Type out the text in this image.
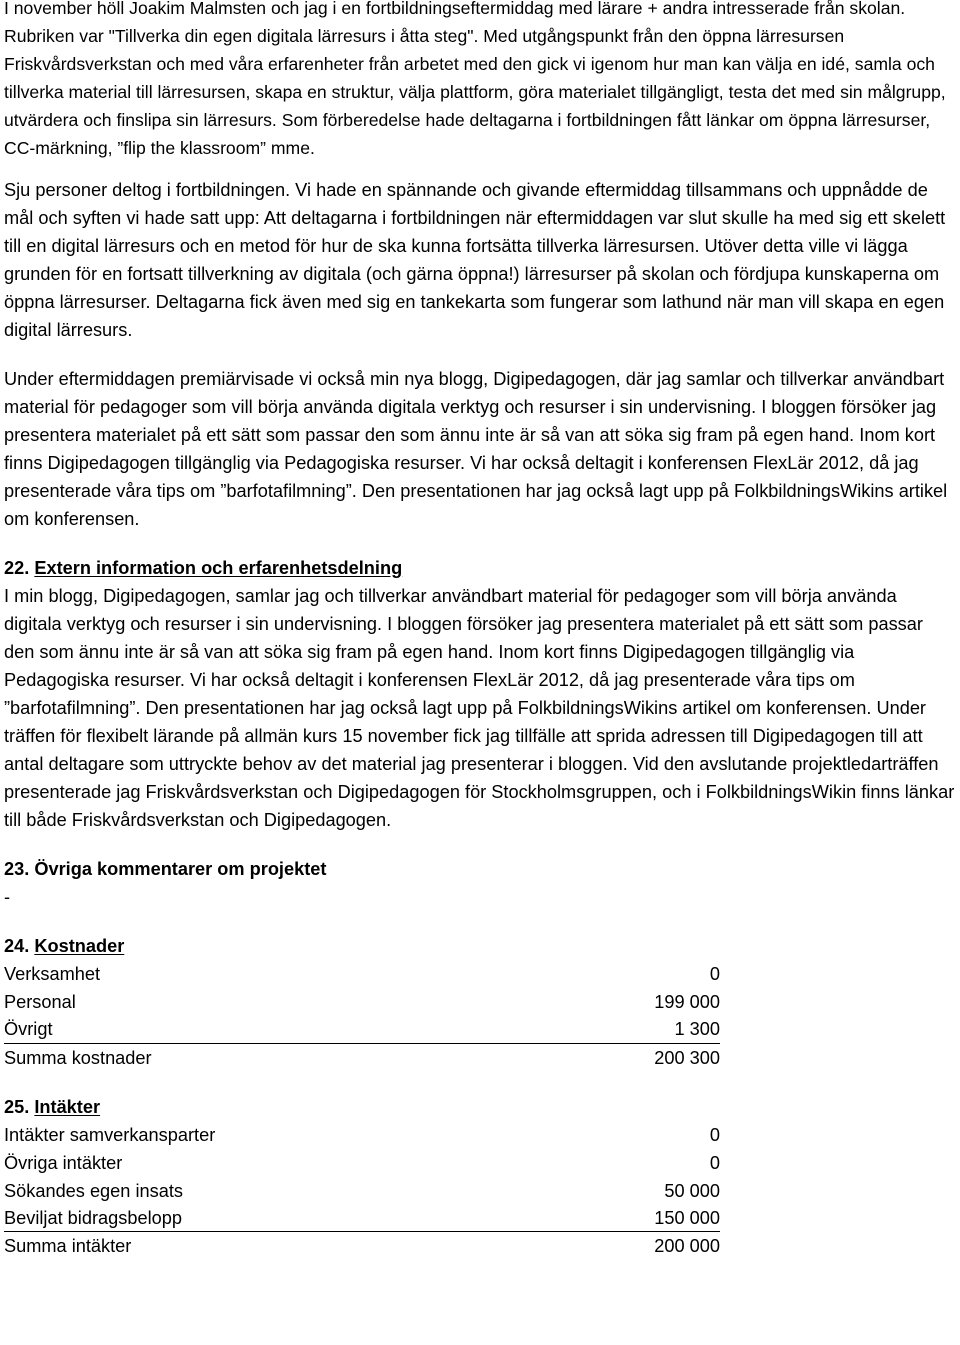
I november höll Joakim Malmsten och jag i en fortbildningseftermiddag med lärare + andra intresserade från skolan. Rubriken var "Tillverka din egen digitala lärresurs i åtta steg". Med utgångspunkt från den öppna lärresursen Friskvårdsverkstan och med våra erfarenheter från arbetet med den gick vi igenom hur man kan välja en idé, samla och tillverka material till lärresursen, skapa en struktur, välja plattform, göra materialet tillgängligt, testa det med sin målgrupp, utvärdera och finslipa sin lärresurs. Som förberedelse hade deltagarna i fortbildningen fått länkar om öppna lärresurser, CC-märkning, ”flip the klassroom” mme.

Sju personer deltog i fortbildningen. Vi hade en spännande och givande eftermiddag tillsammans och uppnådde de mål och syften vi hade satt upp: Att deltagarna i fortbildningen när eftermiddagen var slut skulle ha med sig ett skelett till en digital lärresurs och en metod för hur de ska kunna fortsätta tillverka lärresursen. Utöver detta ville vi lägga grunden för en fortsatt tillverkning av digitala (och gärna öppna!) lärresurser på skolan och fördjupa kunskaperna om öppna lärresurser. Deltagarna fick även med sig en tankekarta som fungerar som lathund när man vill skapa en egen digital lärresurs.

Under eftermiddagen premiärvisade vi också min nya blogg, Digipedagogen, där jag samlar och tillverkar användbart material för pedagoger som vill börja använda digitala verktyg och resurser i sin undervisning. I bloggen försöker jag presentera materialet på ett sätt som passar den som ännu inte är så van att söka sig fram på egen hand. Inom kort finns Digipedagogen tillgänglig via Pedagogiska resurser. Vi har också deltagit i konferensen FlexLär 2012, då jag presenterade våra tips om ”barfotafilmning”. Den presentationen har jag också lagt upp på FolkbildningsWikins artikel om konferensen.

22. Extern information och erfarenhetsdelning

I min blogg, Digipedagogen, samlar jag och tillverkar användbart material för pedagoger som vill börja använda digitala verktyg och resurser i sin undervisning. I bloggen försöker jag presentera materialet på ett sätt som passar den som ännu inte är så van att söka sig fram på egen hand. Inom kort finns Digipedagogen tillgänglig via Pedagogiska resurser. Vi har också deltagit i konferensen FlexLär 2012, då jag presenterade våra tips om ”barfotafilmning”. Den presentationen har jag också lagt upp på FolkbildningsWikins artikel om konferensen. Under träffen för flexibelt lärande på allmän kurs 15 november fick jag tillfälle att sprida adressen till Digipedagogen till att antal deltagare som uttryckte behov av det material jag presenterar i bloggen. Vid den avslutande projektledarträffen presenterade jag Friskvårdsverkstan och Digipedagogen för Stockholmsgruppen, och i FolkbildningsWikin finns länkar till både Friskvårdsverkstan och Digipedagogen.

23. Övriga kommentarer om projektet

-

24. Kostnader
Verksamhet	0
Personal	199 000
Övrigt	1 300
Summa kostnader	200 300
25. Intäkter
Intäkter samverkansparter	0
Övriga intäkter	0
Sökandes egen insats	50 000
Beviljat bidragsbelopp	150 000
Summa intäkter	200 000
